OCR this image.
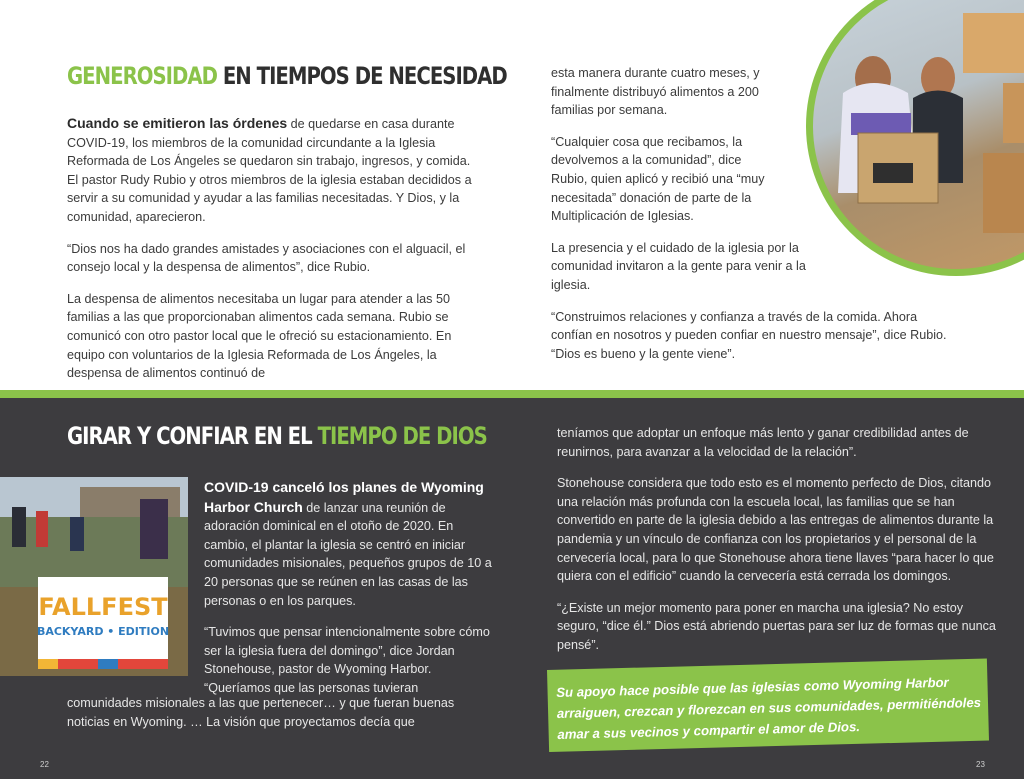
GENEROSIDAD EN TIEMPOS DE NECESIDAD

Cuando se emitieron las órdenes de quedarse en casa durante COVID-19, los miembros de la comunidad circundante a la Iglesia Reformada de Los Ángeles se quedaron sin trabajo, ingresos, y comida. El pastor Rudy Rubio y otros miembros de la iglesia estaban decididos a servir a su comunidad y ayudar a las familias necesitadas. Y Dios, y la comunidad, aparecieron.

“Dios nos ha dado grandes amistades y asociaciones con el alguacil, el consejo local y la despensa de alimentos”, dice Rubio.

La despensa de alimentos necesitaba un lugar para atender a las 50 familias a las que proporcionaban alimentos cada semana. Rubio se comunicó con otro pastor local que le ofreció su estacionamiento. En equipo con voluntarios de la Iglesia Reformada de Los Ángeles, la despensa de alimentos continuó de

esta manera durante cuatro meses, y finalmente distribuyó alimentos a 200 familias por semana.

“Cualquier cosa que recibamos, la devolvemos a la comunidad”, dice Rubio, quien aplicó y recibió una “muy necesitada” donación de parte de la Multiplicación de Iglesias.

La presencia y el cuidado de la iglesia por la comunidad invitaron a la gente para venir a la iglesia.

“Construimos relaciones y confianza a través de la comida. Ahora confían en nosotros y pueden confiar en nuestro mensaje”, dice Rubio. “Dios es bueno y la gente viene”.

GIRAR Y CONFIAR EN EL TIEMPO DE DIOS
FALLFEST
BACKYARD • EDITION

COVID-19 canceló los planes de Wyoming Harbor Church de lanzar una reunión de adoración dominical en el otoño de 2020. En cambio, el plantar la iglesia se centró en iniciar comunidades misionales, pequeños grupos de 10 a 20 personas que se reúnen en las casas de las personas o en los parques.

“Tuvimos que pensar intencionalmente sobre cómo ser la iglesia fuera del domingo”, dice Jordan Stonehouse, pastor de Wyoming Harbor. “Queríamos que las personas tuvieran

comunidades misionales a las que pertenecer… y que fueran buenas noticias en Wyoming. … La visión que proyectamos decía que

teníamos que adoptar un enfoque más lento y ganar credibilidad antes de reunirnos, para avanzar a la velocidad de la relación”.

Stonehouse considera que todo esto es el momento perfecto de Dios, citando una relación más profunda con la escuela local, las familias que se han convertido en parte de la iglesia debido a las entregas de alimentos durante la pandemia y un vínculo de confianza con los propietarios y el personal de la cervecería local, para lo que Stonehouse ahora tiene llaves “para hacer lo que quiera con el edificio” cuando la cervecería está cerrada los domingos.

“¿Existe un mejor momento para poner en marcha una iglesia? No estoy seguro, “dice él.” Dios está abriendo puertas para ser luz de formas que nunca pensé”.

Su apoyo hace posible que las iglesias como Wyoming Harbor arraiguen, crezcan y florezcan en sus comunidades, permitiéndoles amar a sus vecinos y compartir el amor de Dios.
22	23
